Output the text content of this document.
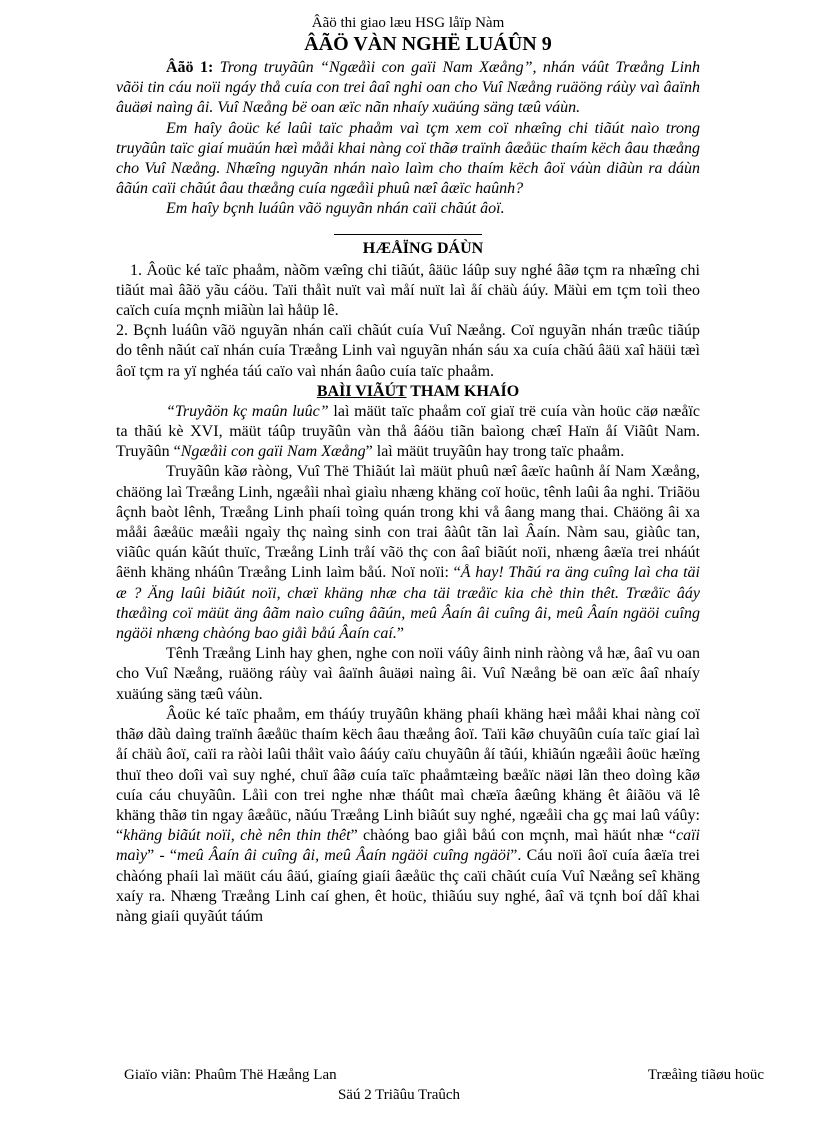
Âãö thi giao læu HSG låïp Nàm

ÂÃÖ VÀN NGHË LUÁÛN 9

Âãö 1: Trong truyãûn “Ngæåìi con gaïi Nam Xæång”, nhán váût Træång Linh vãöi tin cáu noïi ngáy thå cuía con trei âaî nghi oan cho Vuî Næång ruäöng ráùy vaì âaïnh âuäøi naìng âi. Vuî Næång bë oan æïc nãn nhaíy xuäúng säng tæû váùn.

Em haîy âoüc ké laûi taïc phaåm vaì tçm xem coï nhæîng chi tiãút naìo trong truyãûn taïc giaí muäún hæì mååi khai nàng coï thãø traïnh âæåüc thaím këch âau thæång cho Vuî Næång. Nhæîng nguyãn nhán naìo laìm cho thaím këch âoï váùn diãùn ra dáùn âãún caïi chãút âau thæång cuía ngæåìi phuû næî âæïc haûnh?

Em haîy bçnh luáûn vãö nguyãn nhán caïi chãút âoï.

HÆÅÏNG DÁÙN

1. Âoüc ké taïc phaåm, nàõm væîng chi tiãút, âäüc láûp suy nghé âãø tçm ra nhæîng chi tiãút maì âãö yãu cáöu. Taïi thåìt nuït vaì måí nuït laì åí chäù áúy. Mäùi em tçm toìi theo caïch cuía mçnh miãùn laì håüp lê.

2. Bçnh luáûn vãö nguyãn nhán caïi chãút cuía Vuî Næång. Coï nguyãn nhán træûc tiãúp do tênh nãút caï nhán cuía Træång Linh vaì nguyãn nhán sáu xa cuía chãú âäü xaî häüi tæì âoï tçm ra yï nghéa táú caïo vaì nhán âaûo cuía taïc phaåm.

BAÌI VIÃÚT THAM KHAÍO

“Truyãön kç maûn luûc” laì mäüt taïc phaåm coï giaï trë cuía vàn hoüc cäø næåïc ta thãú kè XVI, mäüt táûp truyãûn vàn thå âáöu tiãn baìong chæî Haïn åí Viãût Nam. Truyãûn “Ngæåìi con gaïi Nam Xæång” laì mäüt truyãûn hay trong taïc phaåm.

Truyãûn kãø ràòng, Vuî Thë Thiãút laì mäüt phuû næî âæïc haûnh åí Nam Xæång, chäöng laì Træång Linh, ngæåìi nhaì giaìu nhæng khäng coï hoüc, tênh laûi âa nghi. Triãöu âçnh baòt lênh, Træång Linh phaíi toìng quán trong khi vå âang mang thai. Chäöng âi xa mååi âæåüc mæåìi ngaìy thç naìng sinh con trai âàût tãn laì Âaín. Nàm sau, giàûc tan, viãûc quán kãút thuïc, Træång Linh tråí vãö thç con âaî biãút noïi, nhæng âæïa trei nháút âënh khäng nháûn Træång Linh laìm båú. Noï noïi: “Å hay! Thãú ra äng cuîng laì cha täi æ ? Äng laûi biãút noïi, chæï khäng nhæ cha täi træåïc kia chè thin thêt. Træåïc âáy thæåìng coï mäüt äng âãm naìo cuîng âãún, meû Âaín âi cuîng âi, meû Âaín ngäöi cuîng ngäöi nhæng chàóng bao giåì båú Âaín caí.”

Tênh Træång Linh hay ghen, nghe con noïi váûy âinh ninh ràòng vå hæ, âaî vu oan cho Vuî Næång, ruäöng ráùy vaì âaïnh âuäøi naìng âi. Vuî Næång bë oan æïc âaî nhaíy xuäúng säng tæû váùn.

Âoüc ké taïc phaåm, em tháúy truyãûn khäng phaíi khäng hæì mååi khai nàng coï thãø dãù daìng traïnh âæåüc thaím këch âau thæång âoï. Taïi kãø chuyãûn cuía taïc giaí laì åí chäù âoï, caïi ra ràòi laûi thåìt vaìo âáúy caïu chuyãûn åí tãúi, khiãún ngæåìi âoüc hæïng thuï theo doîi vaì suy nghé, chuï âãø cuía taïc phaåmtæìng bæåïc näøi lãn theo doìng kãø cuía cáu chuyãûn. Låìi con trei nghe nhæ tháût maì chæïa âæûng khäng êt âiãöu vä lê khäng thãø tin ngay âæåüc, nãúu Træång Linh biãút suy nghé, ngæåìi cha gç mai laû váûy: “khäng biãút noïi, chè nên thin thêt” chàóng bao giåì båú con mçnh, maì häút nhæ “caïi maìy” - “meû Âaín âi cuîng âi, meû Âaín ngäöi cuîng ngäöi”. Cáu noïi âoï cuía âæïa trei chàóng phaíi laì mäüt cáu âäú, giaíng giaíi âæåüc thç caïi chãút cuía Vuî Næång seî khäng xaíy ra. Nhæng Træång Linh caí ghen, êt hoüc, thiãúu suy nghé, âaî vä tçnh boí dåî khai nàng giaíi quyãút táúm

Giaïo viãn: Phaûm Thë Hæång Lan	Træåìng tiãøu hoüc
Säú 2 Triãûu Traûch
